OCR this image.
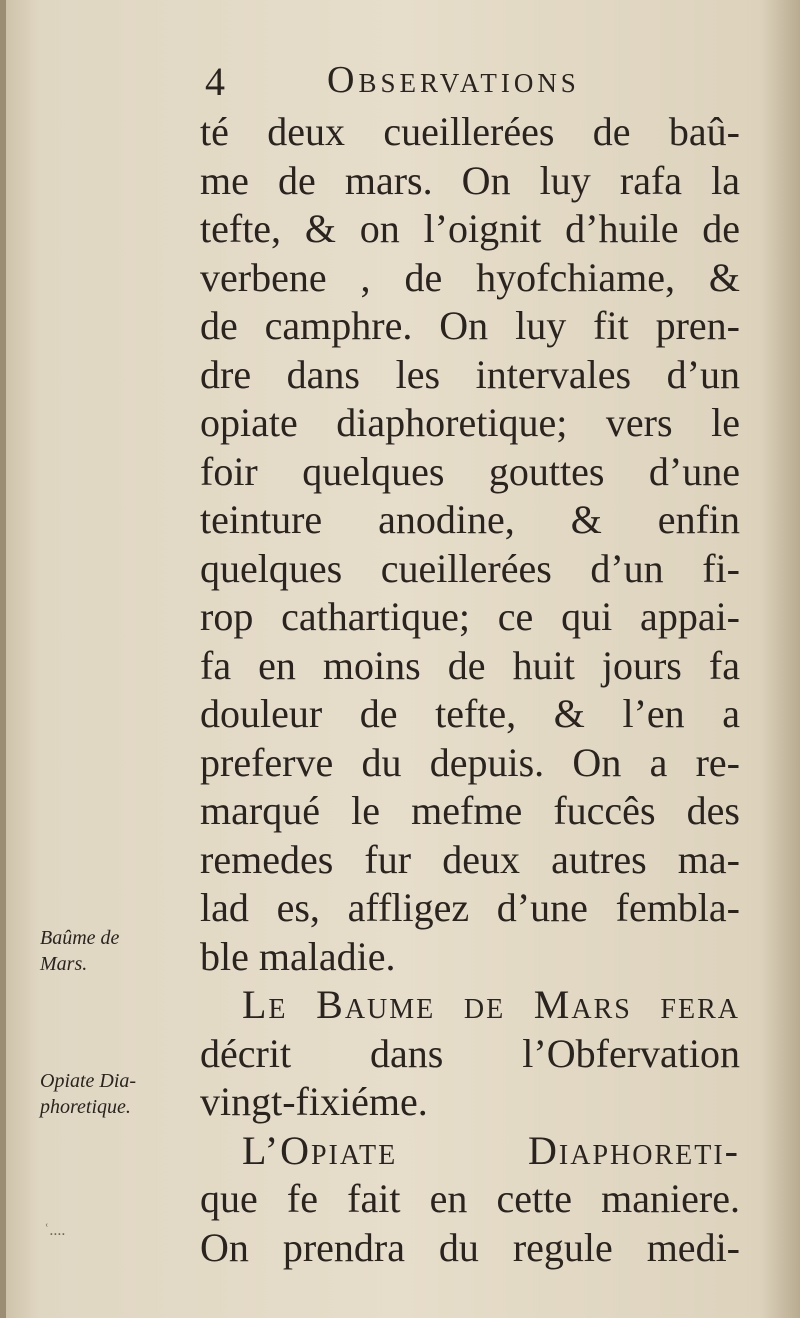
4	Observations
té deux cueillerées de baû-
me de mars. On luy rafa la
tefte, & on l’oignit d’huile de
verbene , de hyofchiame, &
de camphre. On luy fit pren-
dre dans les intervales d’un
opiate diaphoretique; vers le
foir quelques gouttes d’une
teinture anodine, & enfin
quelques cueillerées d’un fi-
rop cathartique; ce qui appai-
fa en moins de huit jours fa
douleur de tefte, & l’en a
preferve du depuis. On a re-
marqué le mefme fuccês des
remedes fur deux autres ma-
lad es, affligez d’une fembla-
ble maladie.
Le Baume de Mars fera
décrit dans l’Obfervation
vingt-fixiéme.
L’Opiate Diaphoreti-
que fe fait en cette maniere.
On prendra du regule medi-
Baûme de
Mars.
Opiate Dia-
phoretique.
ʿ....
